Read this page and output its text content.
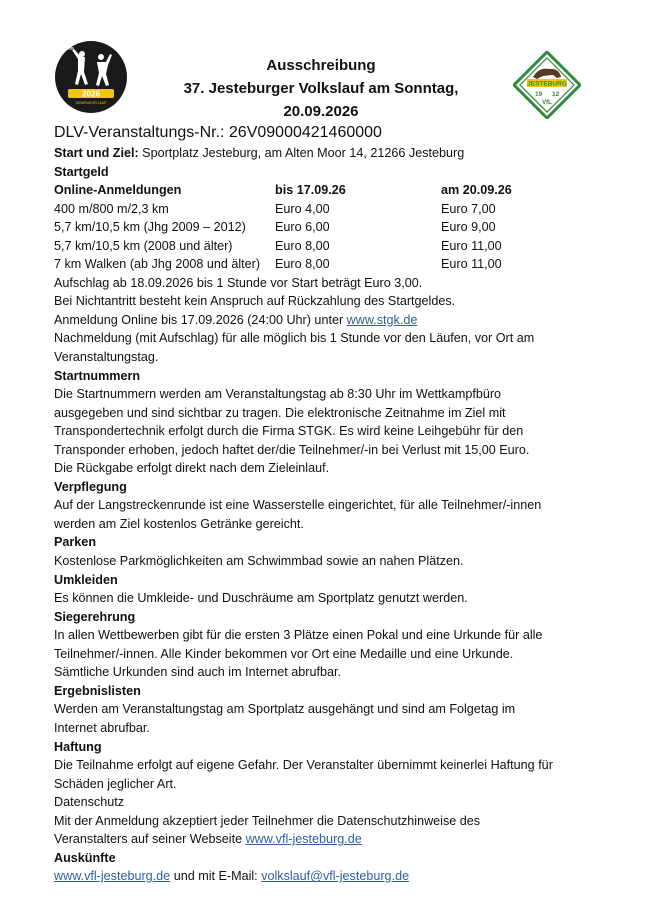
≫
2026
GENERATOR LAUF
JESTEBURG
19 12
VfL
Ausschreibung
37. Jesteburger Volkslauf am Sonntag,
20.09.2026
DLV-Veranstaltungs-Nr.: 26V09000421460000
Start und Ziel: Sportplatz Jesteburg, am Alten Moor 14, 21266 Jesteburg
Startgeld
Online-Anmeldungen	bis 17.09.26	am 20.09.26
400 m/800 m/2,3 km	Euro 4,00	Euro 7,00
5,7 km/10,5 km (Jhg 2009 – 2012) Euro 6,00	Euro 9,00
5,7 km/10,5 km (2008 und älter)	Euro 8,00	Euro 11,00
7 km Walken (ab Jhg 2008 und älter) Euro 8,00	Euro 11,00
Aufschlag ab 18.09.2026 bis 1 Stunde vor Start beträgt Euro 3,00.
Bei Nichtantritt besteht kein Anspruch auf Rückzahlung des Startgeldes.
Anmeldung Online bis 17.09.2026 (24:00 Uhr) unter www.stgk.de
Nachmeldung (mit Aufschlag) für alle möglich bis 1 Stunde vor den Läufen, vor Ort am
Veranstaltungstag.
Startnummern
Die Startnummern werden am Veranstaltungstag ab 8:30 Uhr im Wettkampfbüro
ausgegeben und sind sichtbar zu tragen. Die elektronische Zeitnahme im Ziel mit
Transpondertechnik erfolgt durch die Firma STGK. Es wird keine Leihgebühr für den
Transponder erhoben, jedoch haftet der/die Teilnehmer/-in bei Verlust mit 15,00 Euro.
Die Rückgabe erfolgt direkt nach dem Zieleinlauf.
Verpflegung
Auf der Langstreckenrunde ist eine Wasserstelle eingerichtet, für alle Teilnehmer/-innen
werden am Ziel kostenlos Getränke gereicht.
Parken
Kostenlose Parkmöglichkeiten am Schwimmbad sowie an nahen Plätzen.
Umkleiden
Es können die Umkleide- und Duschräume am Sportplatz genutzt werden.
Siegerehrung
In allen Wettbewerben gibt für die ersten 3 Plätze einen Pokal und eine Urkunde für alle
Teilnehmer/-innen. Alle Kinder bekommen vor Ort eine Medaille und eine Urkunde.
Sämtliche Urkunden sind auch im Internet abrufbar.
Ergebnislisten
Werden am Veranstaltungstag am Sportplatz ausgehängt und sind am Folgetag im
Internet abrufbar.
Haftung
Die Teilnahme erfolgt auf eigene Gefahr. Der Veranstalter übernimmt keinerlei Haftung für
Schäden jeglicher Art.
Datenschutz
Mit der Anmeldung akzeptiert jeder Teilnehmer die Datenschutzhinweise des
Veranstalters auf seiner Webseite www.vfl-jesteburg.de
Auskünfte
www.vfl-jesteburg.de und mit E-Mail: volkslauf@vfl-jesteburg.de
